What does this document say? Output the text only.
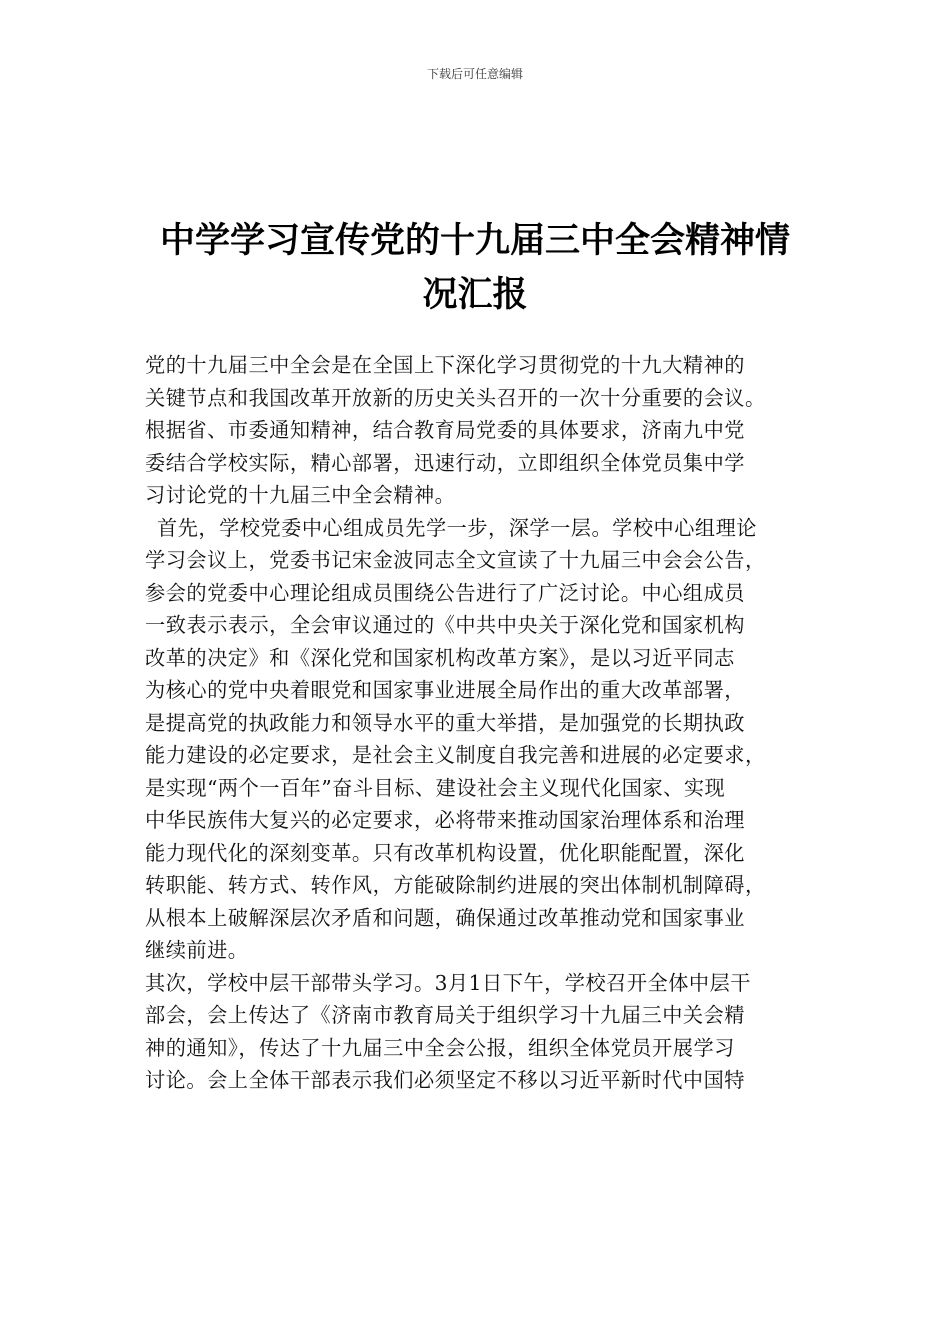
下载后可任意编辑
中学学习宣传党的十九届三中全会精神情
况汇报

党的十九届三中全会是在全国上下深化学习贯彻党的十九大精神的
关键节点和我国改革开放新的历史关头召开的一次十分重要的会议。
根据省、市委通知精神，结合教育局党委的具体要求，济南九中党
委结合学校实际，精心部署，迅速行动，立即组织全体党员集中学
习讨论党的十九届三中全会精神。

首先，学校党委中心组成员先学一步，深学一层。学校中心组理论
学习会议上，党委书记宋金波同志全文宣读了十九届三中会会公告，
参会的党委中心理论组成员围绕公告进行了广泛讨论。中心组成员
一致表示表示，全会审议通过的《中共中央关于深化党和国家机构
改革的决定》和《深化党和国家机构改革方案》，是以习近平同志
为核心的党中央着眼党和国家事业进展全局作出的重大改革部署，
是提高党的执政能力和领导水平的重大举措，是加强党的长期执政
能力建设的必定要求，是社会主义制度自我完善和进展的必定要求，
是实现“两个一百年”奋斗目标、建设社会主义现代化国家、实现
中华民族伟大复兴的必定要求，必将带来推动国家治理体系和治理
能力现代化的深刻变革。只有改革机构设置，优化职能配置，深化
转职能、转方式、转作风，方能破除制约进展的突出体制机制障碍，
从根本上破解深层次矛盾和问题，确保通过改革推动党和国家事业
继续前进。

其次，学校中层干部带头学习。3月1日下午，学校召开全体中层干
部会，会上传达了《济南市教育局关于组织学习十九届三中关会精
神的通知》，传达了十九届三中全会公报，组织全体党员开展学习
讨论。会上全体干部表示我们必须坚定不移以习近平新时代中国特
